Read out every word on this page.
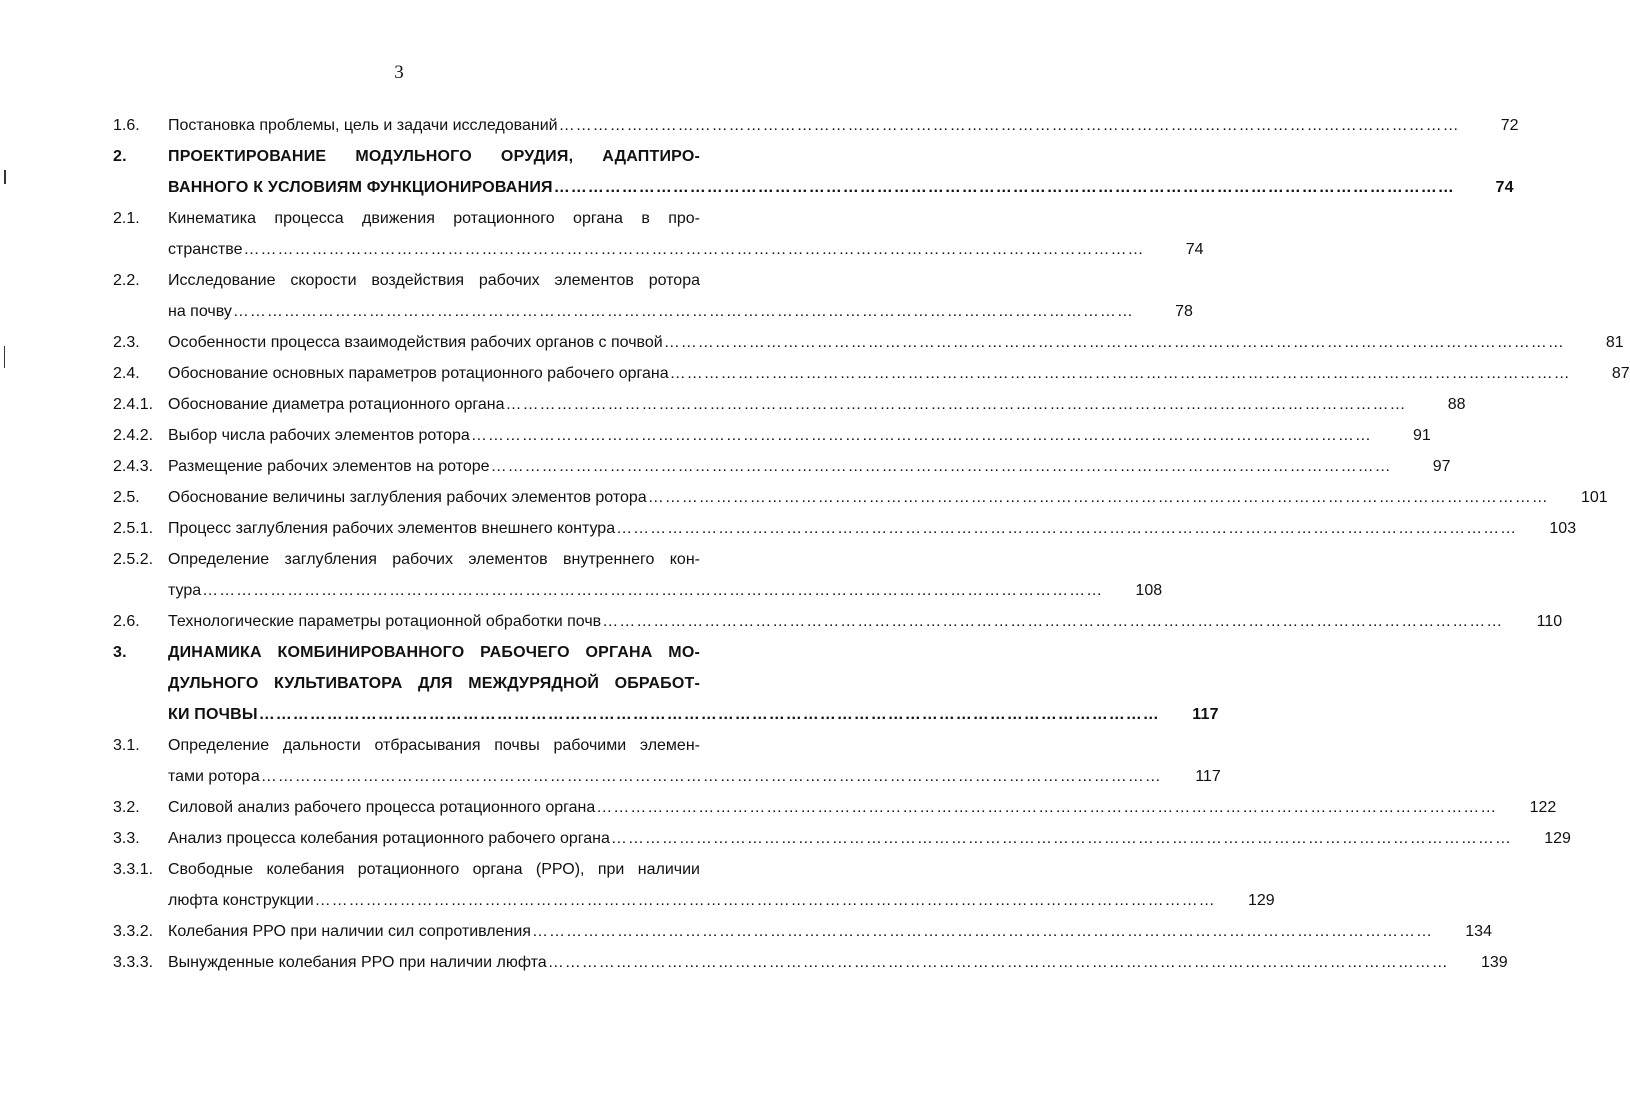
3
1.6. Постановка проблемы, цель и задачи исследований ……………………………………………………………………………………………………………………………………………	72
2.	ПРОЕКТИРОВАНИЕ МОДУЛЬНОГО ОРУДИЯ, АДАПТИРО-
ВАННОГО К УСЛОВИЯМ ФУНКЦИОНИРОВАНИЯ ……………………………………………………………………………………………………………………………………………	74
2.1. Кинематика процесса движения ротационного органа в про-
странстве ……………………………………………………………………………………………………………………………………………	74
2.2. Исследование скорости воздействия рабочих элементов ротора
на почву ……………………………………………………………………………………………………………………………………………	78
2.3. Особенности процесса взаимодействия рабочих органов с почвой ……………………………………………………………………………………………………………………………………………	81
2.4. Обоснование основных параметров ротационного рабочего органа ……………………………………………………………………………………………………………………………………………	87
2.4.1. Обоснование диаметра ротационного органа ……………………………………………………………………………………………………………………………………………	88
2.4.2. Выбор числа рабочих элементов ротора ……………………………………………………………………………………………………………………………………………	91
2.4.3. Размещение рабочих элементов на роторе ……………………………………………………………………………………………………………………………………………	97
2.5. Обоснование величины заглубления рабочих элементов ротора ……………………………………………………………………………………………………………………………………………	101
2.5.1. Процесс заглубления рабочих элементов внешнего контура ……………………………………………………………………………………………………………………………………………	103
2.5.2. Определение заглубления рабочих элементов внутреннего кон-
тура ……………………………………………………………………………………………………………………………………………	108
2.6. Технологические параметры ротационной обработки почв ……………………………………………………………………………………………………………………………………………	110
3.	ДИНАМИКА КОМБИНИРОВАННОГО РАБОЧЕГО ОРГАНА МО-
ДУЛЬНОГО КУЛЬТИВАТОРА ДЛЯ МЕЖДУРЯДНОЙ ОБРАБОТ-
КИ ПОЧВЫ ……………………………………………………………………………………………………………………………………………	117
3.1. Определение дальности отбрасывания почвы рабочими элемен-
тами ротора ……………………………………………………………………………………………………………………………………………	117
3.2. Силовой анализ рабочего процесса ротационного органа ……………………………………………………………………………………………………………………………………………	122
3.3. Анализ процесса колебания ротационного рабочего органа ……………………………………………………………………………………………………………………………………………	129
3.3.1. Свободные колебания ротационного органа (РРО), при наличии
люфта конструкции ……………………………………………………………………………………………………………………………………………	129
3.3.2. Колебания РРО при наличии сил сопротивления ……………………………………………………………………………………………………………………………………………	134
3.3.3. Вынужденные колебания РРО при наличии люфта ……………………………………………………………………………………………………………………………………………	139
